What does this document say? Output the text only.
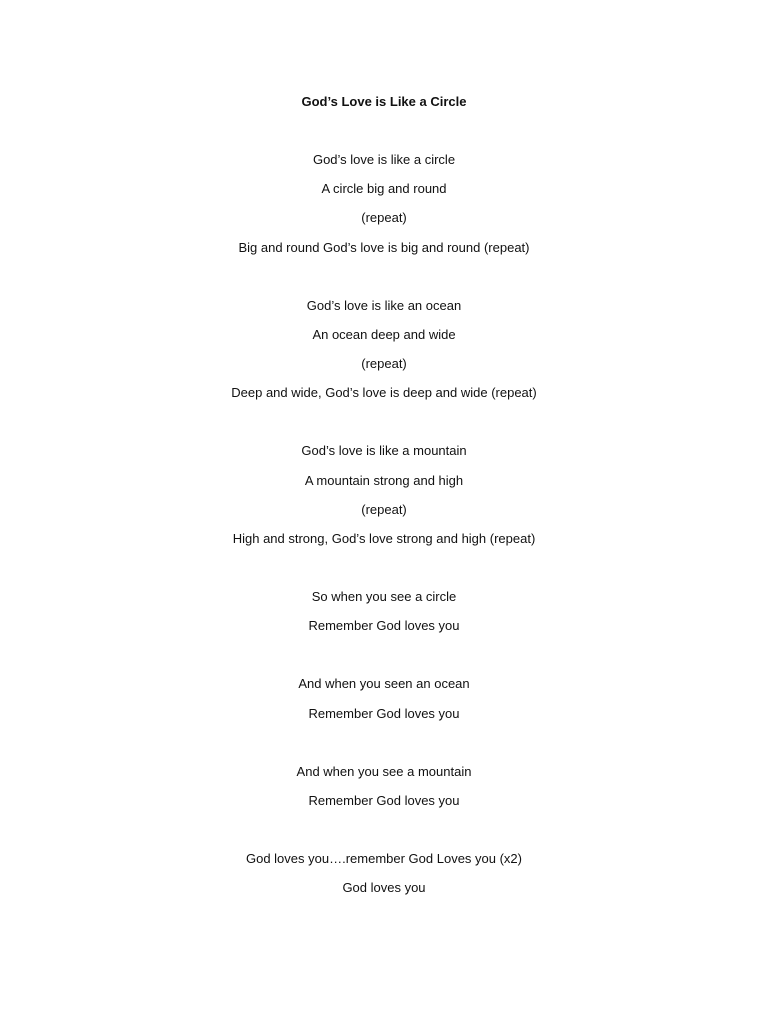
God’s Love is Like a Circle
God’s love is like a circle
A circle big and round
(repeat)
Big and round God’s love is big and round (repeat)
God’s love is like an ocean
An ocean deep and wide
(repeat)
Deep and wide, God’s love is deep and wide (repeat)
God’s love is like a mountain
A mountain strong and high
(repeat)
High and strong, God’s love strong and high (repeat)
So when you see a circle
Remember God loves you
And when you seen an ocean
Remember God loves you
And when you see a mountain
Remember God loves you
God loves you….remember God Loves you (x2)
God loves you
